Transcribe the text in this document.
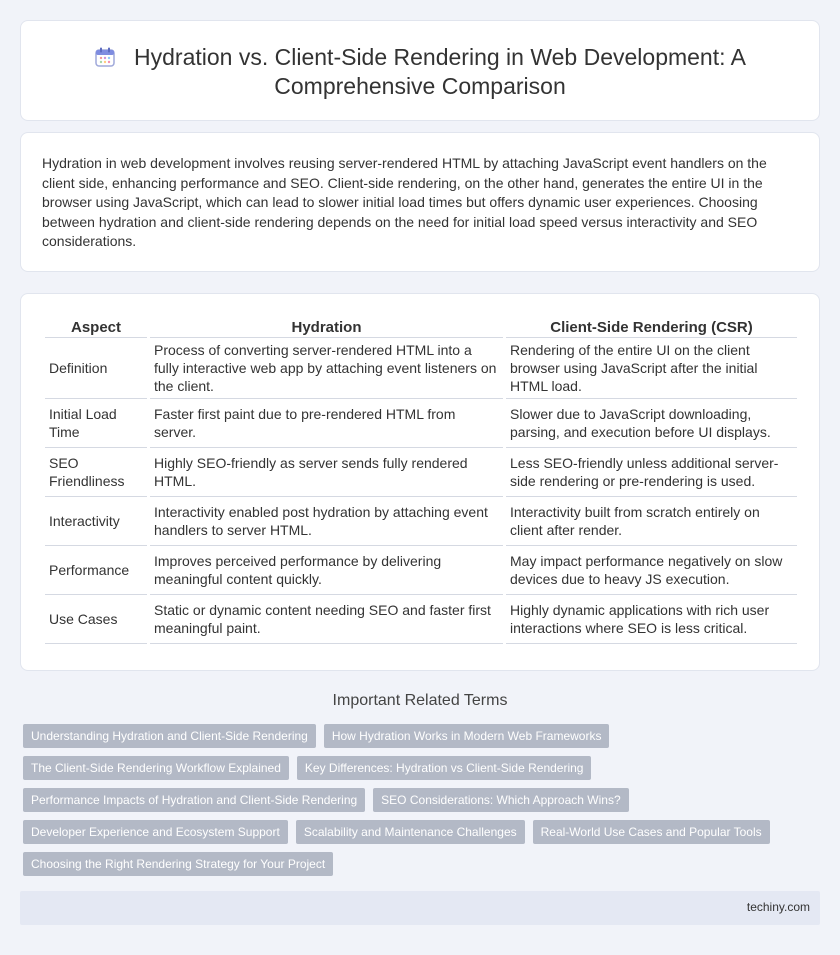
Hydration vs. Client-Side Rendering in Web Development: A Comprehensive Comparison

Hydration in web development involves reusing server-rendered HTML by attaching JavaScript event handlers on the client side, enhancing performance and SEO. Client-side rendering, on the other hand, generates the entire UI in the browser using JavaScript, which can lead to slower initial load times but offers dynamic user experiences. Choosing between hydration and client-side rendering depends on the need for initial load speed versus interactivity and SEO considerations.

Aspect	Hydration	Client-Side Rendering (CSR)
Definition	Process of converting server-rendered HTML into a fully interactive web app by attaching event listeners on the client.	Rendering of the entire UI on the client browser using JavaScript after the initial HTML load.
Initial Load Time	Faster first paint due to pre-rendered HTML from server.	Slower due to JavaScript downloading, parsing, and execution before UI displays.
SEO Friendliness	Highly SEO-friendly as server sends fully rendered HTML.	Less SEO-friendly unless additional server-side rendering or pre-rendering is used.
Interactivity	Interactivity enabled post hydration by attaching event handlers to server HTML.	Interactivity built from scratch entirely on client after render.
Performance	Improves perceived performance by delivering meaningful content quickly.	May impact performance negatively on slow devices due to heavy JS execution.
Use Cases	Static or dynamic content needing SEO and faster first meaningful paint.	Highly dynamic applications with rich user interactions where SEO is less critical.
Important Related Terms
Understanding Hydration and Client-Side Rendering	How Hydration Works in Modern Web Frameworks
The Client-Side Rendering Workflow Explained	Key Differences: Hydration vs Client-Side Rendering
Performance Impacts of Hydration and Client-Side Rendering	SEO Considerations: Which Approach Wins?
Developer Experience and Ecosystem Support	Scalability and Maintenance Challenges	Real-World Use Cases and Popular Tools
Choosing the Right Rendering Strategy for Your Project
techiny.com
